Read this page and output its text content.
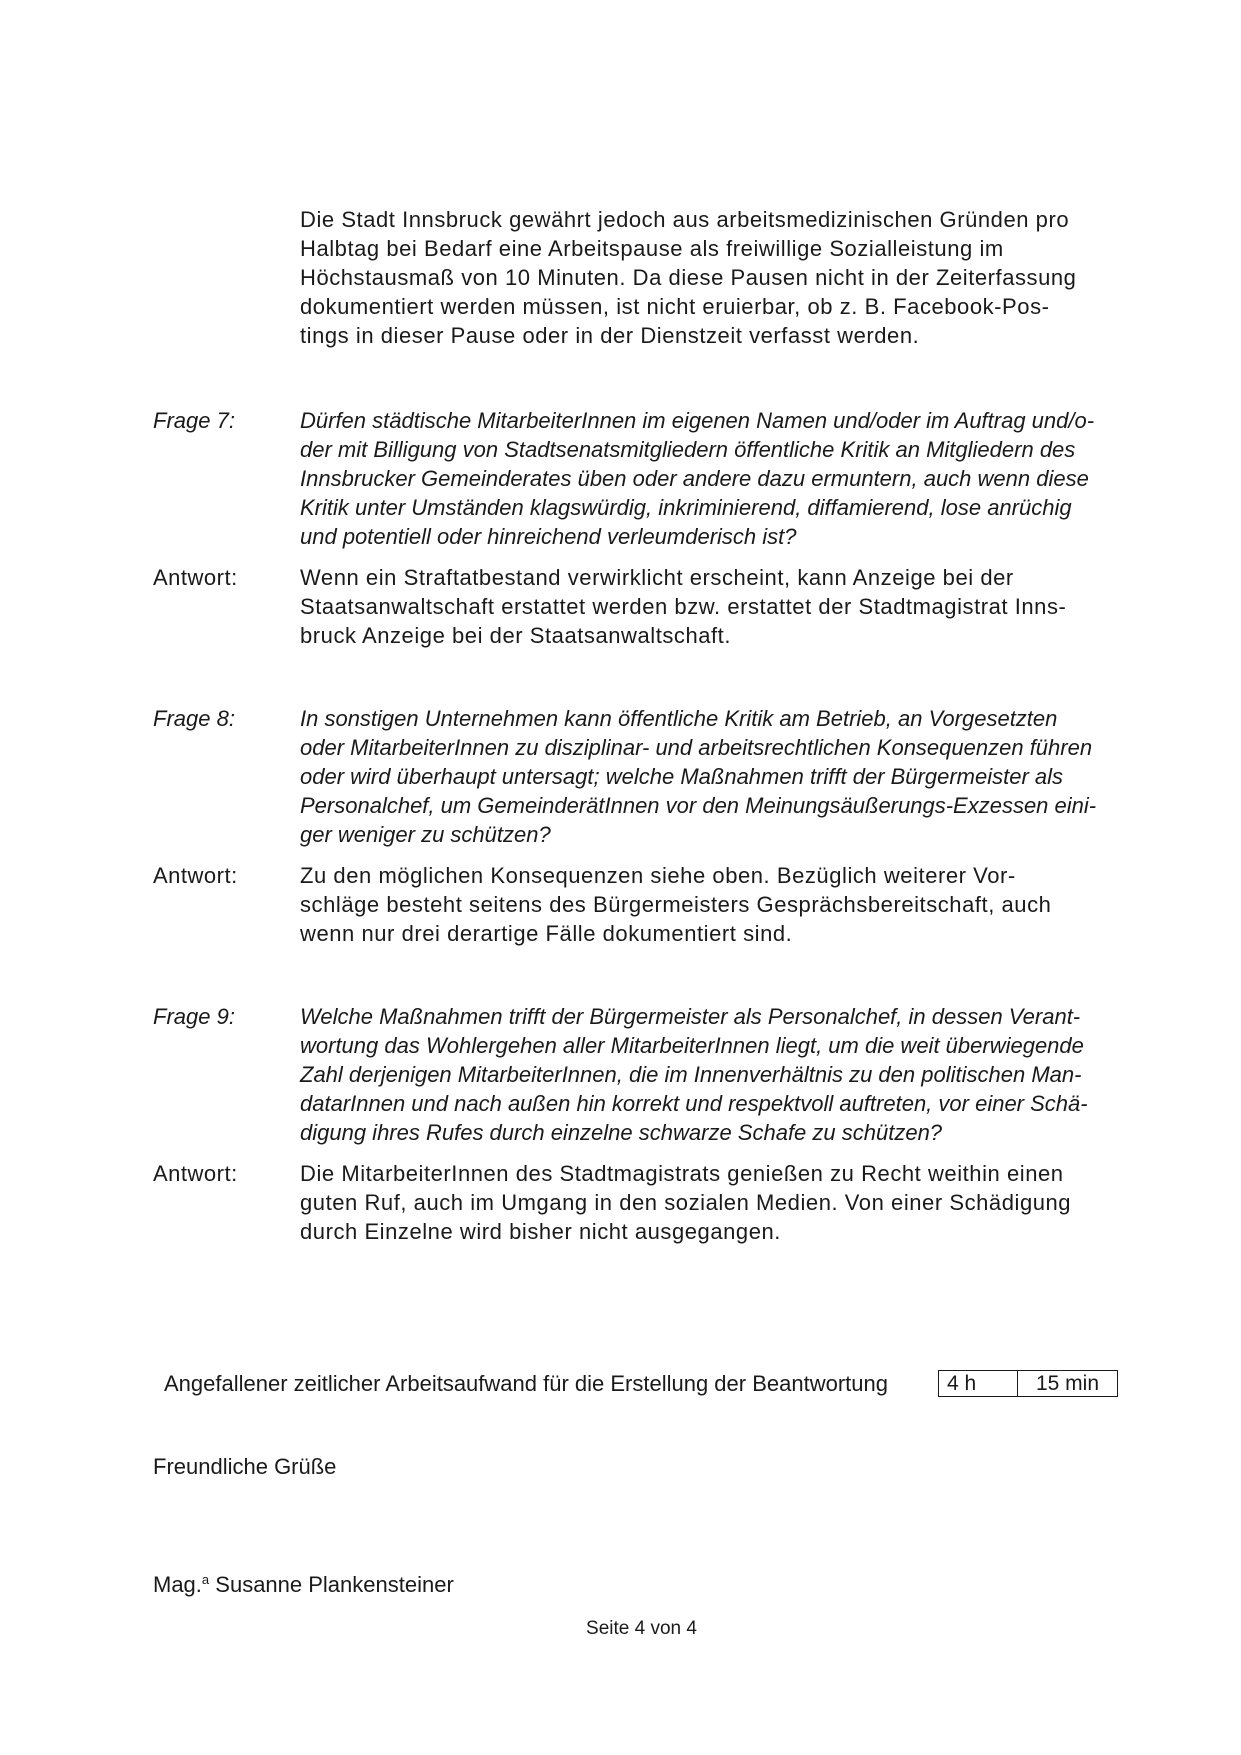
Die Stadt Innsbruck gewährt jedoch aus arbeitsmedizinischen Gründen pro
Halbtag bei Bedarf eine Arbeitspause als freiwillige Sozialleistung im
Höchstausmaß von 10 Minuten. Da diese Pausen nicht in der Zeiterfassung
dokumentiert werden müssen, ist nicht eruierbar, ob z. B. Facebook-Pos-
tings in dieser Pause oder in der Dienstzeit verfasst werden.

Frage 7:	Dürfen städtische MitarbeiterInnen im eigenen Namen und/oder im Auftrag und/o-
der mit Billigung von Stadtsenatsmitgliedern öffentliche Kritik an Mitgliedern des
Innsbrucker Gemeinderates üben oder andere dazu ermuntern, auch wenn diese
Kritik unter Umständen klagswürdig, inkriminierend, diffamierend, lose anrüchig
und potentiell oder hinreichend verleumderisch ist?

Antwort:	Wenn ein Straftatbestand verwirklicht erscheint, kann Anzeige bei der
Staatsanwaltschaft erstattet werden bzw. erstattet der Stadtmagistrat Inns-
bruck Anzeige bei der Staatsanwaltschaft.

Frage 8:	In sonstigen Unternehmen kann öffentliche Kritik am Betrieb, an Vorgesetzten
oder MitarbeiterInnen zu disziplinar- und arbeitsrechtlichen Konsequenzen führen
oder wird überhaupt untersagt; welche Maßnahmen trifft der Bürgermeister als
Personalchef, um GemeinderätInnen vor den Meinungsäußerungs-Exzessen eini-
ger weniger zu schützen?

Antwort:	Zu den möglichen Konsequenzen siehe oben. Bezüglich weiterer Vor-
schläge besteht seitens des Bürgermeisters Gesprächsbereitschaft, auch
wenn nur drei derartige Fälle dokumentiert sind.

Frage 9:	Welche Maßnahmen trifft der Bürgermeister als Personalchef, in dessen Verant-
wortung das Wohlergehen aller MitarbeiterInnen liegt, um die weit überwiegende
Zahl derjenigen MitarbeiterInnen, die im Innenverhältnis zu den politischen Man-
datarInnen und nach außen hin korrekt und respektvoll auftreten, vor einer Schä-
digung ihres Rufes durch einzelne schwarze Schafe zu schützen?

Antwort:	Die MitarbeiterInnen des Stadtmagistrats genießen zu Recht weithin einen
guten Ruf, auch im Umgang in den sozialen Medien. Von einer Schädigung
durch Einzelne wird bisher nicht ausgegangen.

Angefallener zeitlicher Arbeitsaufwand für die Erstellung der Beantwortung	4 h	15 min
Freundliche Grüße
Mag.$^a$ Susanne Plankensteiner
Seite 4 von 4
